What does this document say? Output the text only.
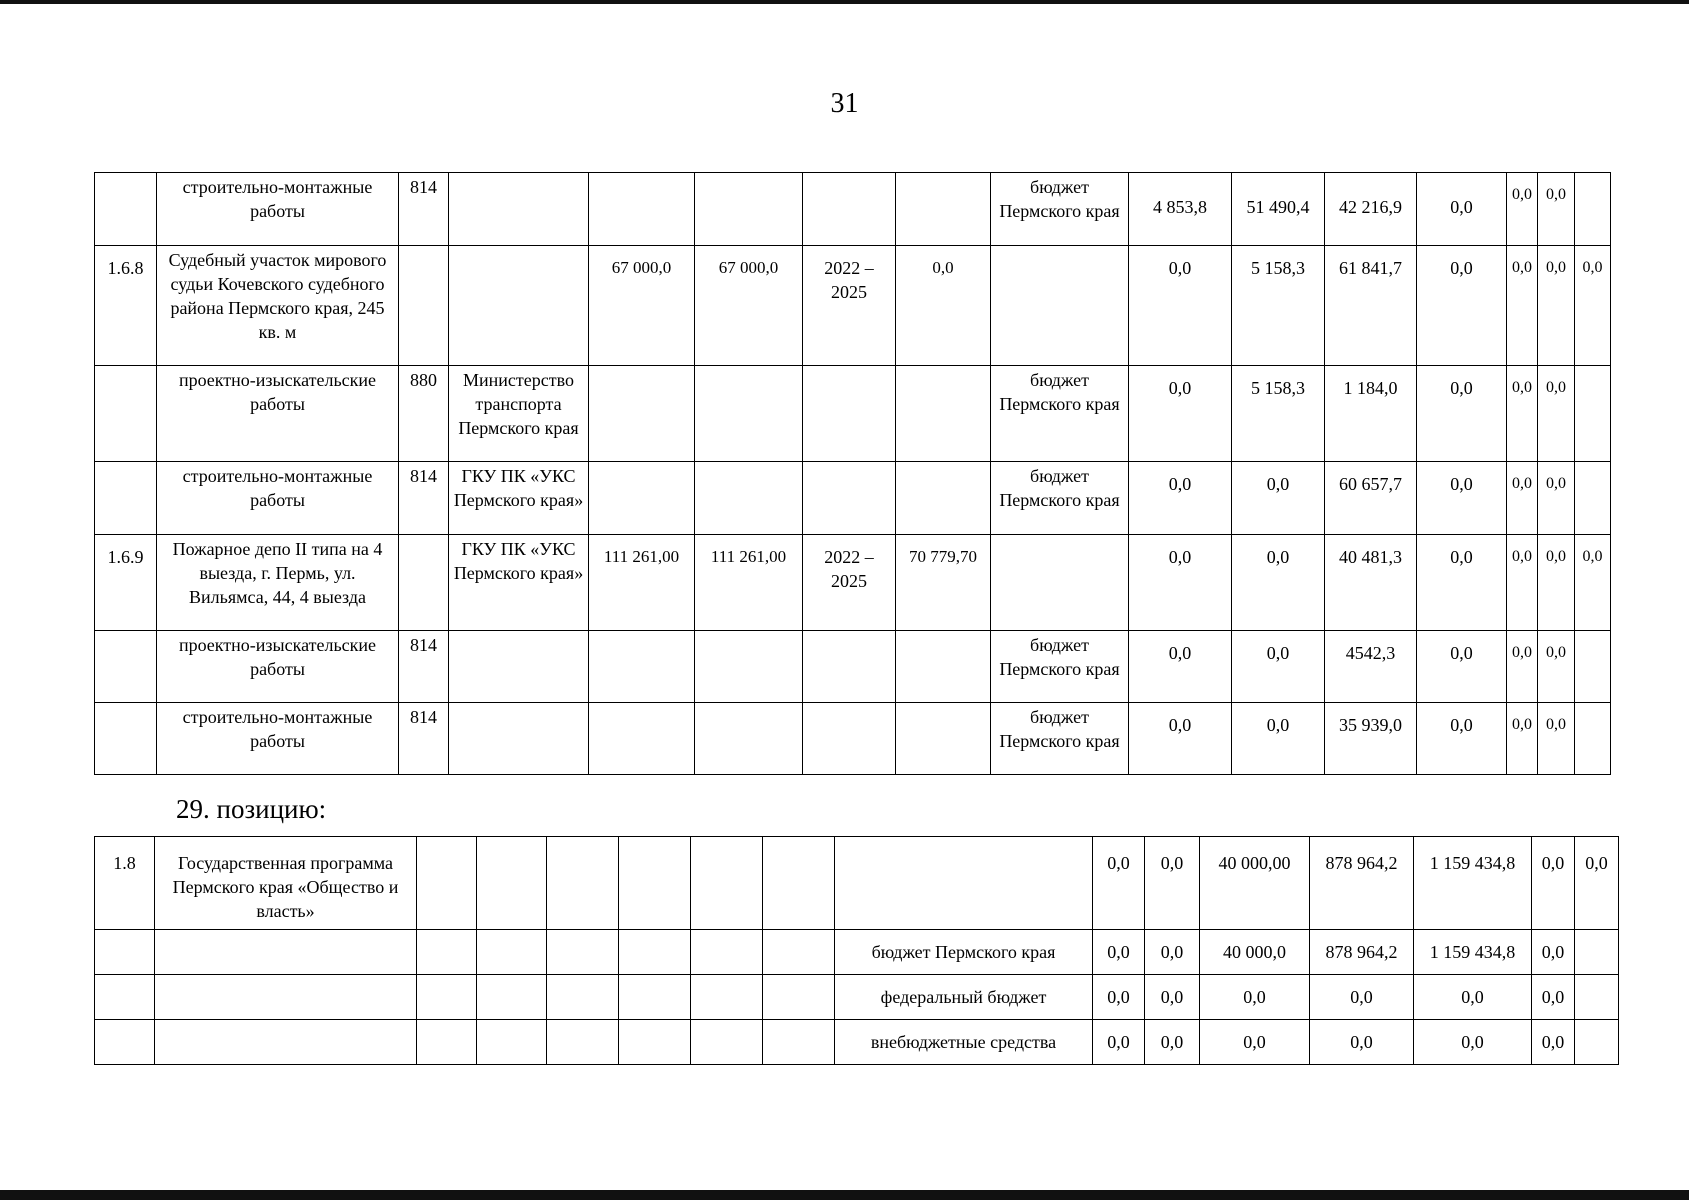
31
	строительно-монтажные работы	814						бюджет Пермского края	4 853,8	51 490,4	42 216,9	0,0	0,0	0,0	
1.6.8	Судебный участок мирового судьи Кочевского судебного района Пермского края, 245 кв. м			67 000,0	67 000,0	2022 – 2025	0,0		0,0	5 158,3	61 841,7	0,0	0,0	0,0	0,0
	проектно-изыскательские работы	880	Министерство транспорта Пермского края					бюджет Пермского края	0,0	5 158,3	1 184,0	0,0	0,0	0,0	
	строительно-монтажные работы	814	ГКУ ПК «УКС Пермского края»					бюджет Пермского края	0,0	0,0	60 657,7	0,0	0,0	0,0	
1.6.9	Пожарное депо II типа на 4 выезда, г. Пермь, ул. Вильямса, 44, 4 выезда		ГКУ ПК «УКС Пермского края»	111 261,00	111 261,00	2022 – 2025	70 779,70		0,0	0,0	40 481,3	0,0	0,0	0,0	0,0
	проектно-изыскательские работы	814						бюджет Пермского края	0,0	0,0	4542,3	0,0	0,0	0,0	
	строительно-монтажные работы	814						бюджет Пермского края	0,0	0,0	35 939,0	0,0	0,0	0,0	
29. позицию:
1.8	Государственная программа Пермского края «Общество и власть»								0,0	0,0	40 000,00	878 964,2	1 159 434,8	0,0	0,0
								бюджет Пермского края	0,0	0,0	40 000,0	878 964,2	1 159 434,8	0,0	
								федеральный бюджет	0,0	0,0	0,0	0,0	0,0	0,0	
								внебюджетные средства	0,0	0,0	0,0	0,0	0,0	0,0	
